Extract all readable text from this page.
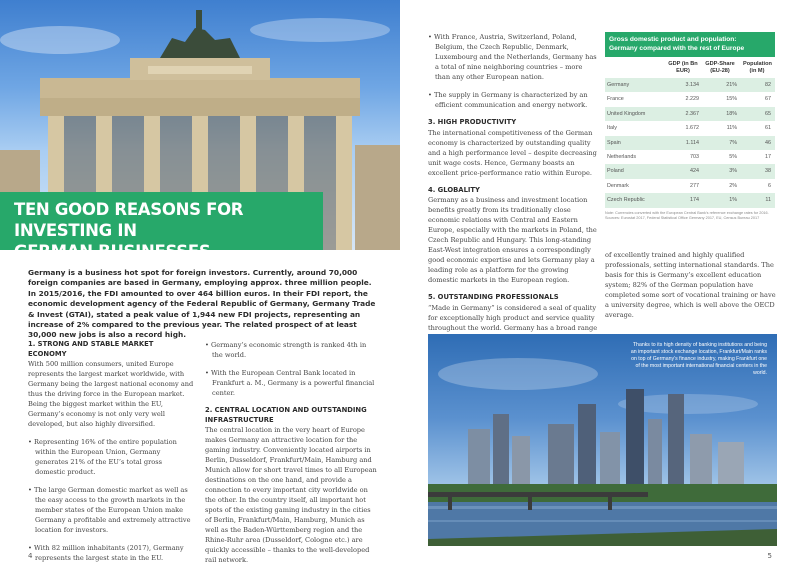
TEN GOOD REASONS FOR INVESTING IN
GERMAN BUSINESSES
Germany is a business hot spot for foreign investors. Currently, around 70,000 foreign companies are based in Germany, employing approx. three million people. In 2015/2016, the FDI amounted to over 464 billion euros. In their FDI report, the economic development agency of the Federal Republic of Germany, Germany Trade & Invest (GTAI), stated a peak value of 1,944 new FDI projects, representing an increase of 2% compared to the previous year. The related prospect of at least 30,000 new jobs is also a record high.
1. STRONG AND STABLE MARKET ECONOMY

With 500 million consumers, united Europe represents the largest market worldwide, with Germany being the largest national economy and thus the driving force in the European market. Being the biggest market within the EU, Germany’s economy is not only very well developed, but also highly diversified.

• Representing 16% of the entire population within the European Union, Germany generates 21% of the EU’s total gross domestic product.

• The large German domestic market as well as the easy access to the growth markets in the member states of the European Union make Germany a profitable and extremely attractive location for investors.

• With 82 million inhabitants (2017), Germany represents the largest state in the EU.

• Germany’s economic strength is ranked 4th in the world.

• With the European Central Bank located in Frankfurt a. M., Germany is a powerful financial center.

2. CENTRAL LOCATION AND OUTSTANDING INFRASTRUCTURE

The central location in the very heart of Europe makes Germany an attractive location for the gaming industry. Conveniently located airports in Berlin, Dusseldorf, Frankfurt/Main, Hamburg and Munich allow for short travel times to all European destinations on the one hand, and provide a connection to every important city worldwide on the other. In the country itself, all important hot spots of the existing gaming industry in the cities of Berlin, Frankfurt/Main, Hamburg, Munich as well as the Baden-Württemberg region and the Rhine-Ruhr area (Dusseldorf, Cologne etc.) are quickly accessible – thanks to the well-developed rail network.

4

• With France, Austria, Switzerland, Poland, Belgium, the Czech Republic, Denmark, Luxembourg and the Netherlands, Germany has a total of nine neighboring countries – more than any other European nation.

• The supply in Germany is characterized by an efficient communication and energy network.

3. HIGH PRODUCTIVITY

The international competitiveness of the German economy is characterized by outstanding quality and a high performance level – despite decreasing unit wage costs. Hence, Germany boasts an excellent price-performance ratio within Europe.

4. GLOBALITY

Germany as a business and investment location benefits greatly from its traditionally close economic relations with Central and Eastern Europe, especially with the markets in Poland, the Czech Republic and Hungary. This long-standing East-West integration ensures a correspondingly good economic expertise and lets Germany play a leading role as a platform for the growing domestic markets in the European region.

5. OUTSTANDING PROFESSIONALS

“Made in Germany” is considered a seal of quality for exceptionally high product and service quality throughout the world. Germany has a broad range

Gross domestic product and population:
Germany compared with the rest of Europe
GDP (in Bn EUR)
GDP-Share (EU-28)
Population (in M)
Germany	3.134	21%	82
France	2.229	15%	67
United Kingdom	2.367	18%	65
Italy	1.672	11%	61
Spain	1.114	7%	46
Netherlands	703	5%	17
Poland	424	3%	38
Denmark	277	2%	6
Czech Republic	174	1%	11
Note: Currencies converted with the European Central Bank’s reference exchange rates for 2016. Sources: Eurostat 2017, Federal Statistical Office Germany 2017, EU, Census Bureau 2017

of excellently trained and highly qualified professionals, setting international standards. The basis for this is Germany’s excellent education system; 82% of the German population have completed some sort of vocational training or have a university degree, which is well above the OECD average.

Thanks to its high density of banking institutions and being an important stock exchange location, Frankfurt/Main ranks on top of Germany’s finance industry, making Frankfurt one of the most important international financial centers in the world.
5
